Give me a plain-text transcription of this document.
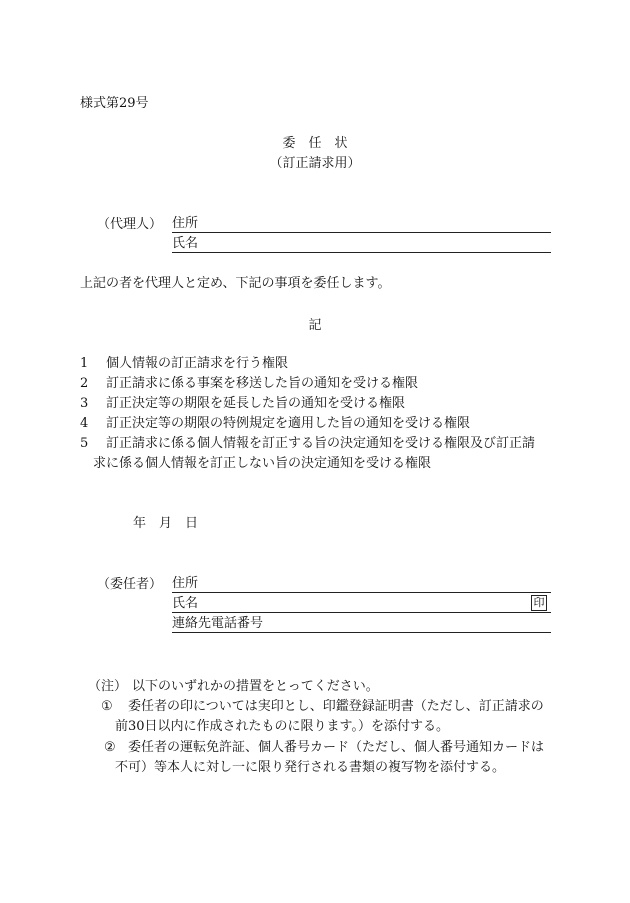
様式第29号
委　任　状
（訂正請求用）
（代理人） 住所
氏名
上記の者を代理人と定め、下記の事項を委任します。
記
1 個人情報の訂正請求を行う権限
2 訂正請求に係る事案を移送した旨の通知を受ける権限
3 訂正決定等の期限を延長した旨の通知を受ける権限
4 訂正決定等の期限の特例規定を適用した旨の通知を受ける権限
5 訂正請求に係る個人情報を訂正する旨の決定通知を受ける権限及び訂正請
求に係る個人情報を訂正しない旨の決定通知を受ける権限
年　月　日
（委任者） 住所
氏名	印
連絡先電話番号
（注） 以下のいずれかの措置をとってください。
① 委任者の印については実印とし、印鑑登録証明書（ただし、訂正請求の
前30日以内に作成されたものに限ります。）を添付する。
② 委任者の運転免許証、個人番号カード（ただし、個人番号通知カードは
不可）等本人に対し一に限り発行される書類の複写物を添付する。
